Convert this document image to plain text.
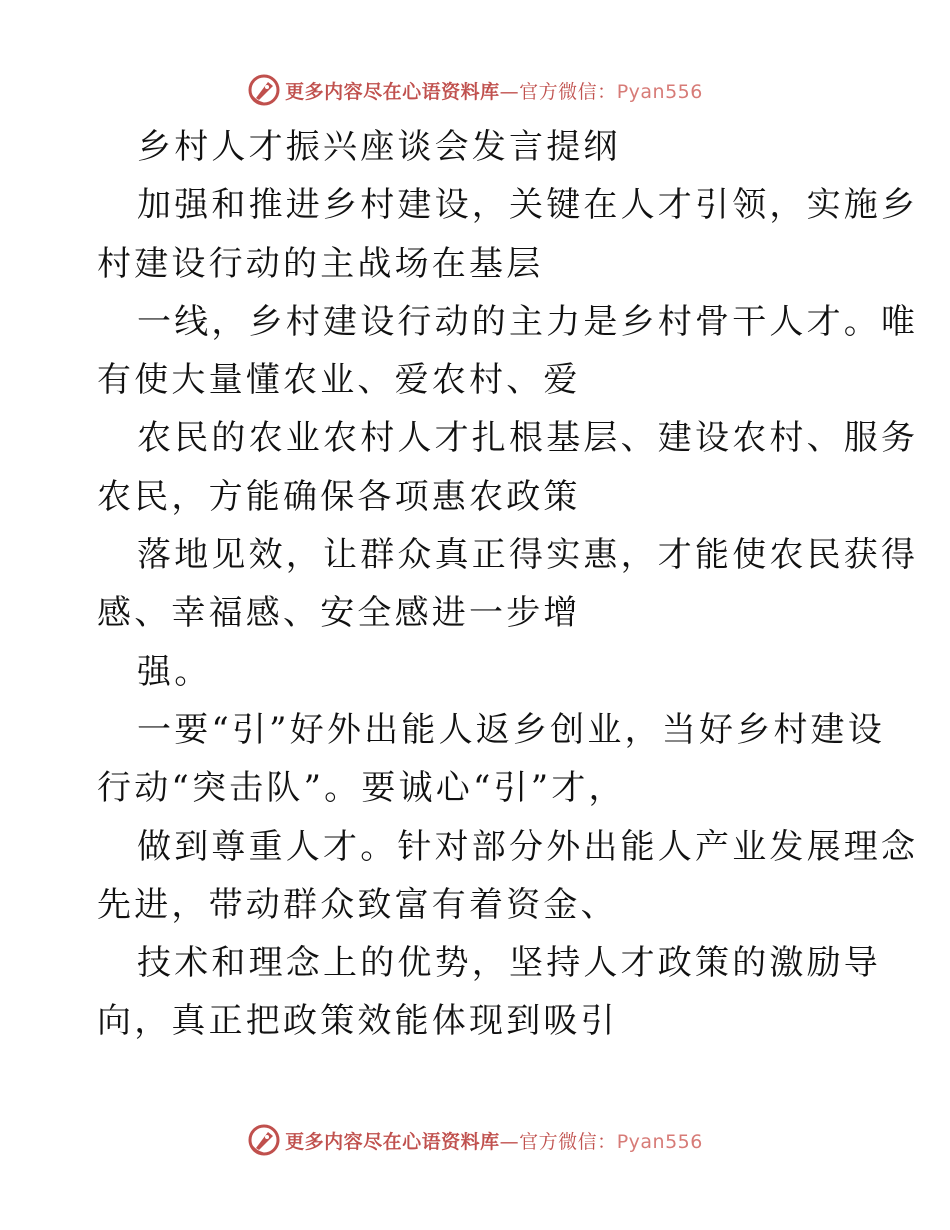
更多内容尽在心语资料库—官方微信：Pyan556
乡村人才振兴座谈会发言提纲
加强和推进乡村建设，关键在人才引领，实施乡
村建设行动的主战场在基层
一线，乡村建设行动的主力是乡村骨干人才。唯
有使大量懂农业、爱农村、爱
农民的农业农村人才扎根基层、建设农村、服务
农民，方能确保各项惠农政策
落地见效，让群众真正得实惠，才能使农民获得
感、幸福感、安全感进一步增
强。
一要“引”好外出能人返乡创业，当好乡村建设
行动“突击队”。要诚心“引”才，
做到尊重人才。针对部分外出能人产业发展理念
先进，带动群众致富有着资金、
技术和理念上的优势，坚持人才政策的激励导
向，真正把政策效能体现到吸引
更多内容尽在心语资料库—官方微信：Pyan556
